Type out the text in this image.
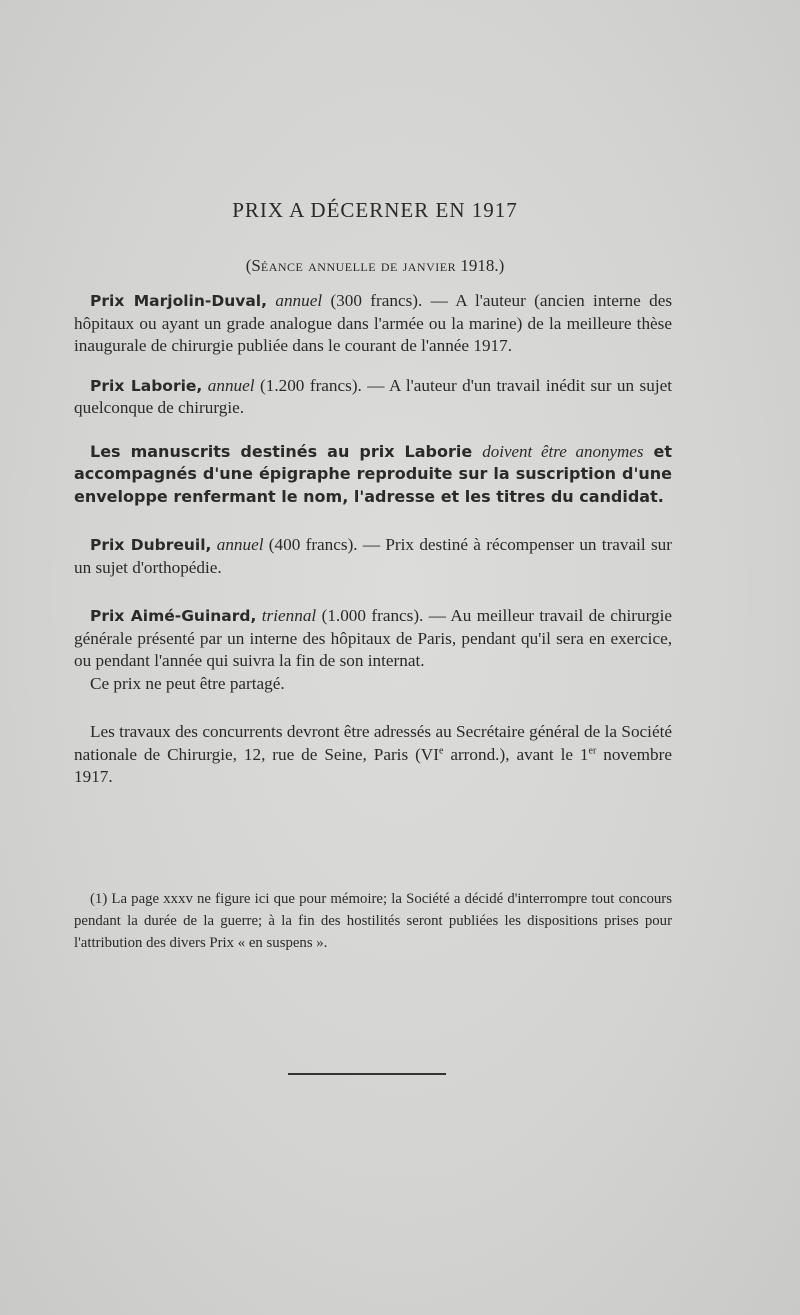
PRIX A DÉCERNER EN 1917

(Séance annuelle de janvier 1918.)

Prix Marjolin-Duval, annuel (300 francs). — A l'auteur (ancien interne des hôpitaux ou ayant un grade analogue dans l'armée ou la marine) de la meilleure thèse inaugurale de chirurgie publiée dans le courant de l'année 1917.

Prix Laborie, annuel (1.200 francs). — A l'auteur d'un travail inédit sur un sujet quelconque de chirurgie.

Les manuscrits destinés au prix Laborie doivent être anonymes et accompagnés d'une épigraphe reproduite sur la suscription d'une enveloppe renfermant le nom, l'adresse et les titres du candidat.

Prix Dubreuil, annuel (400 francs). — Prix destiné à récompenser un travail sur un sujet d'orthopédie.

Prix Aimé-Guinard, triennal (1.000 francs). — Au meilleur travail de chirurgie générale présenté par un interne des hôpitaux de Paris, pendant qu'il sera en exercice, ou pendant l'année qui suivra la fin de son internat.

Ce prix ne peut être partagé.

Les travaux des concurrents devront être adressés au Secrétaire général de la Société nationale de Chirurgie, 12, rue de Seine, Paris (VIe arrond.), avant le 1er novembre 1917.

(1) La page xxxv ne figure ici que pour mémoire; la Société a décidé d'interrompre tout concours pendant la durée de la guerre; à la fin des hostilités seront publiées les dispositions prises pour l'attribution des divers Prix « en suspens ».
